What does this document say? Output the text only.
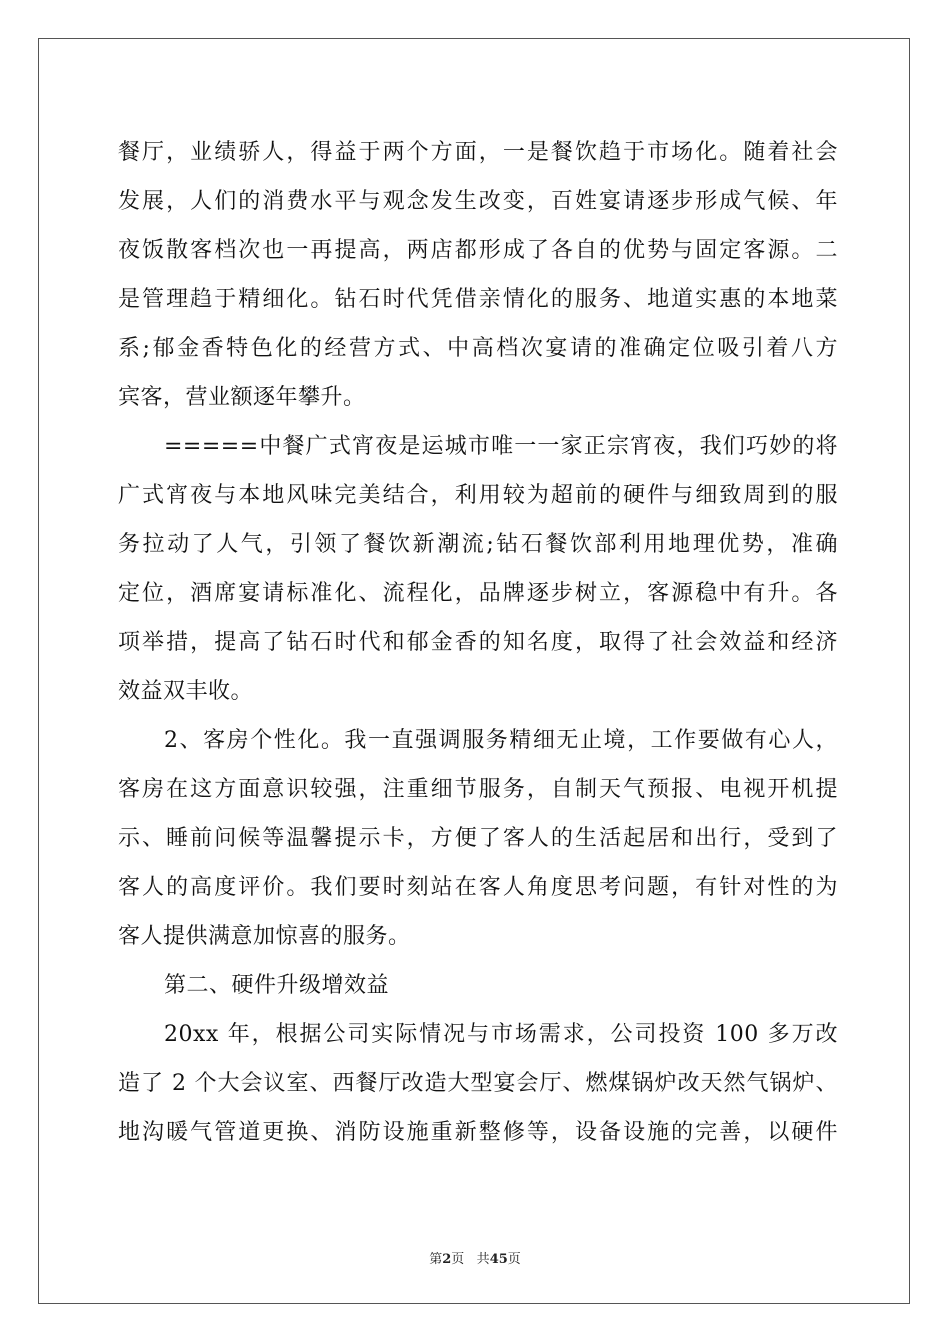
餐厅，业绩骄人，得益于两个方面，一是餐饮趋于市场化。随着社会
发展，人们的消费水平与观念发生改变，百姓宴请逐步形成气候、年
夜饭散客档次也一再提高，两店都形成了各自的优势与固定客源。二
是管理趋于精细化。钻石时代凭借亲情化的服务、地道实惠的本地菜
系;郁金香特色化的经营方式、中高档次宴请的准确定位吸引着八方
宾客，营业额逐年攀升。
=====中餐广式宵夜是运城市唯一一家正宗宵夜，我们巧妙的将
广式宵夜与本地风味完美结合，利用较为超前的硬件与细致周到的服
务拉动了人气，引领了餐饮新潮流;钻石餐饮部利用地理优势，准确
定位，酒席宴请标准化、流程化，品牌逐步树立，客源稳中有升。各
项举措，提高了钻石时代和郁金香的知名度，取得了社会效益和经济
效益双丰收。
2、客房个性化。我一直强调服务精细无止境，工作要做有心人，
客房在这方面意识较强，注重细节服务，自制天气预报、电视开机提
示、睡前问候等温馨提示卡，方便了客人的生活起居和出行，受到了
客人的高度评价。我们要时刻站在客人角度思考问题，有针对性的为
客人提供满意加惊喜的服务。
第二、硬件升级增效益
20xx 年，根据公司实际情况与市场需求，公司投资 100 多万改
造了 2 个大会议室、西餐厅改造大型宴会厅、燃煤锅炉改天然气锅炉、
地沟暖气管道更换、消防设施重新整修等，设备设施的完善，以硬件
第2页 共45页
